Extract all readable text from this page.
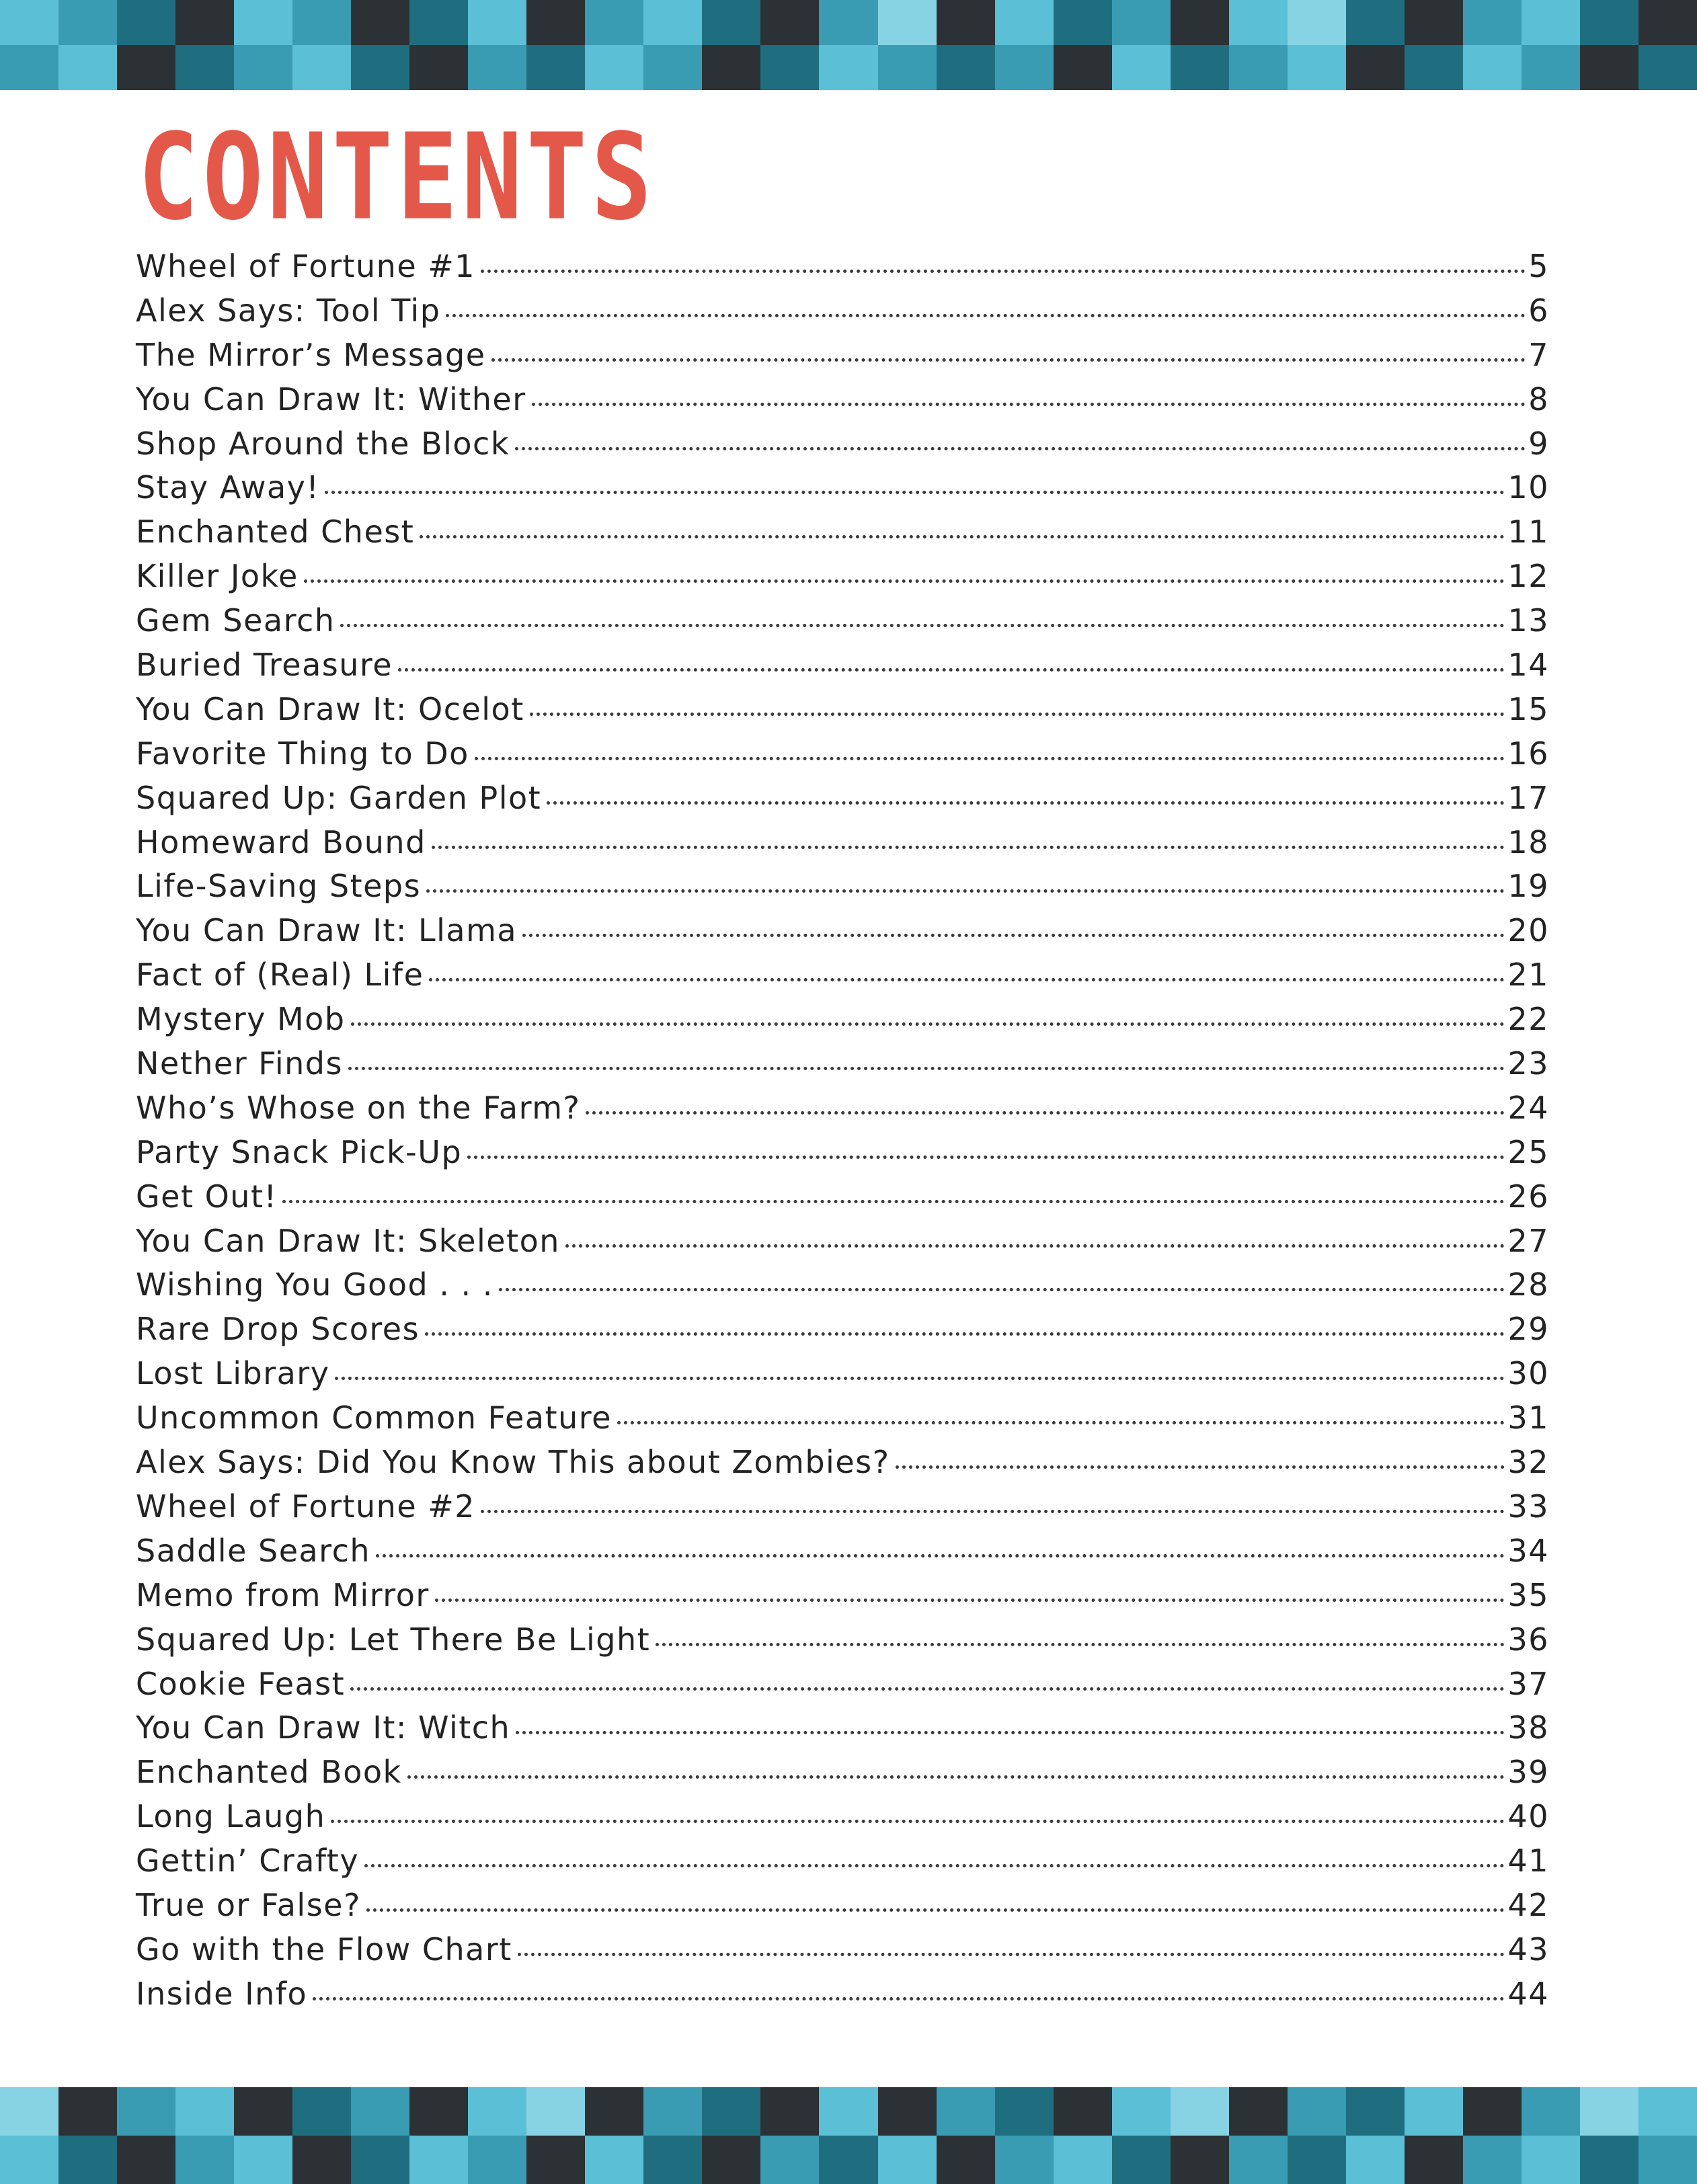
CONTENTS
Wheel of Fortune #1	5
Alex Says: Tool Tip	6
The Mirror’s Message	7
You Can Draw It: Wither	8
Shop Around the Block	9
Stay Away!	10
Enchanted Chest	11
Killer Joke	12
Gem Search	13
Buried Treasure	14
You Can Draw It: Ocelot	15
Favorite Thing to Do	16
Squared Up: Garden Plot	17
Homeward Bound	18
Life-Saving Steps	19
You Can Draw It: Llama	20
Fact of (Real) Life	21
Mystery Mob	22
Nether Finds	23
Who’s Whose on the Farm?	24
Party Snack Pick-Up	25
Get Out!	26
You Can Draw It: Skeleton	27
Wishing You Good . . .	28
Rare Drop Scores	29
Lost Library	30
Uncommon Common Feature	31
Alex Says: Did You Know This about Zombies?	32
Wheel of Fortune #2	33
Saddle Search	34
Memo from Mirror	35
Squared Up: Let There Be Light	36
Cookie Feast	37
You Can Draw It: Witch	38
Enchanted Book	39
Long Laugh	40
Gettin’ Crafty	41
True or False?	42
Go with the Flow Chart	43
Inside Info	44
